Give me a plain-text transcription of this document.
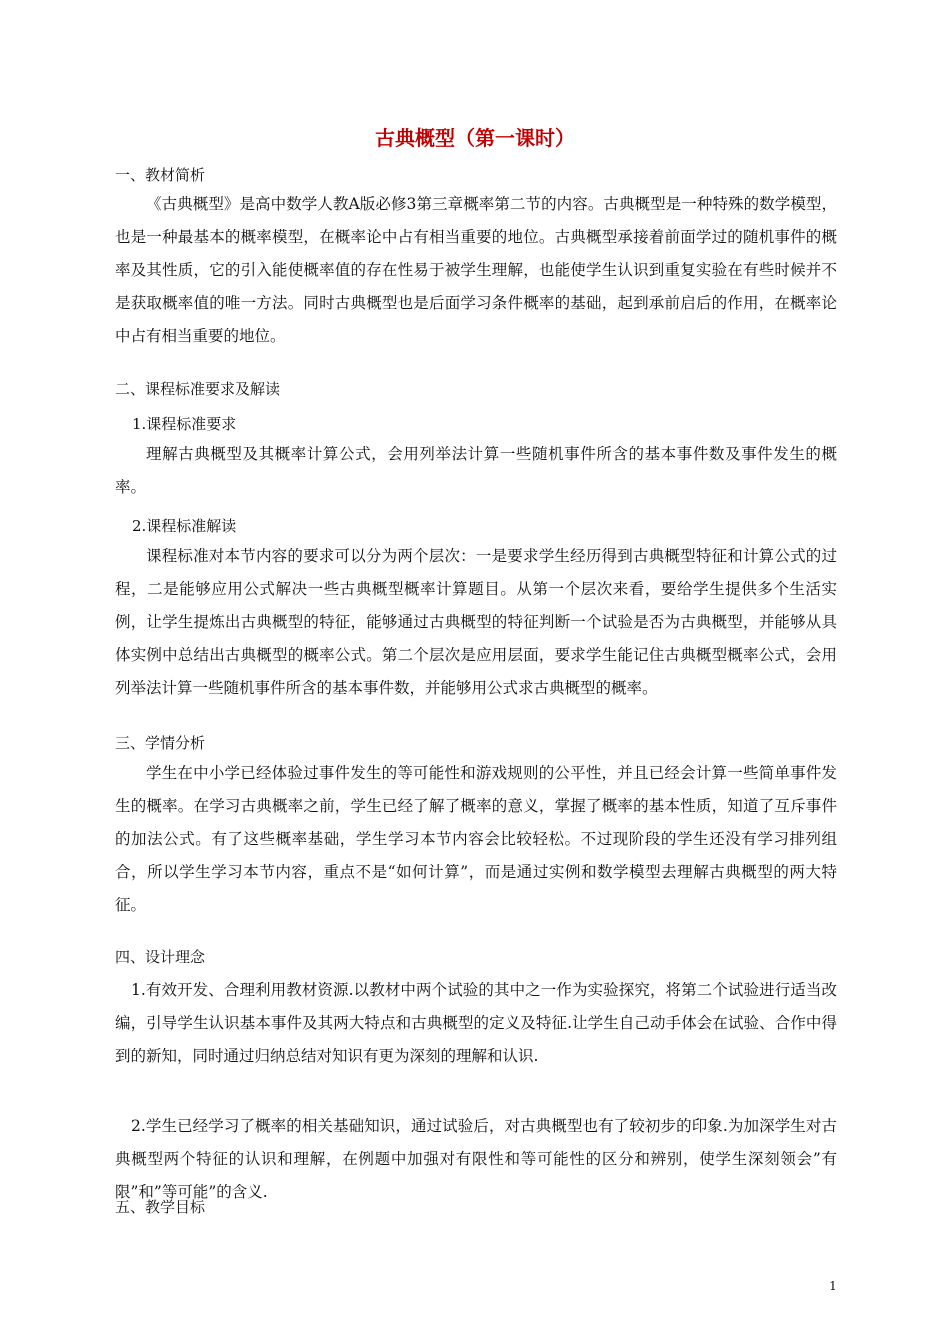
古典概型（第一课时）
一、教材简析

《古典概型》是高中数学人教A版必修3第三章概率第二节的内容。古典概型是一种特殊的数学模型，也是一种最基本的概率模型，在概率论中占有相当重要的地位。古典概型承接着前面学过的随机事件的概率及其性质，它的引入能使概率值的存在性易于被学生理解，也能使学生认识到重复实验在有些时候并不是获取概率值的唯一方法。同时古典概型也是后面学习条件概率的基础，起到承前启后的作用，在概率论中占有相当重要的地位。

二、课程标准要求及解读
1.课程标准要求

理解古典概型及其概率计算公式，会用列举法计算一些随机事件所含的基本事件数及事件发生的概率。

2.课程标准解读

课程标准对本节内容的要求可以分为两个层次：一是要求学生经历得到古典概型特征和计算公式的过程，二是能够应用公式解决一些古典概型概率计算题目。从第一个层次来看，要给学生提供多个生活实例，让学生提炼出古典概型的特征，能够通过古典概型的特征判断一个试验是否为古典概型，并能够从具体实例中总结出古典概型的概率公式。第二个层次是应用层面，要求学生能记住古典概型概率公式，会用列举法计算一些随机事件所含的基本事件数，并能够用公式求古典概型的概率。

三、学情分析

学生在中小学已经体验过事件发生的等可能性和游戏规则的公平性，并且已经会计算一些简单事件发生的概率。在学习古典概率之前，学生已经了解了概率的意义，掌握了概率的基本性质，知道了互斥事件的加法公式。有了这些概率基础，学生学习本节内容会比较轻松。不过现阶段的学生还没有学习排列组合，所以学生学习本节内容，重点不是“如何计算”，而是通过实例和数学模型去理解古典概型的两大特征。

四、设计理念

1.有效开发、合理利用教材资源.以教材中两个试验的其中之一作为实验探究，将第二个试验进行适当改编，引导学生认识基本事件及其两大特点和古典概型的定义及特征.让学生自己动手体会在试验、合作中得到的新知，同时通过归纳总结对知识有更为深刻的理解和认识.

2.学生已经学习了概率的相关基础知识，通过试验后，对古典概型也有了较初步的印象.为加深学生对古典概型两个特征的认识和理解，在例题中加强对有限性和等可能性的区分和辨别，使学生深刻领会”有限”和”等可能”的含义.

五、教学目标
1
